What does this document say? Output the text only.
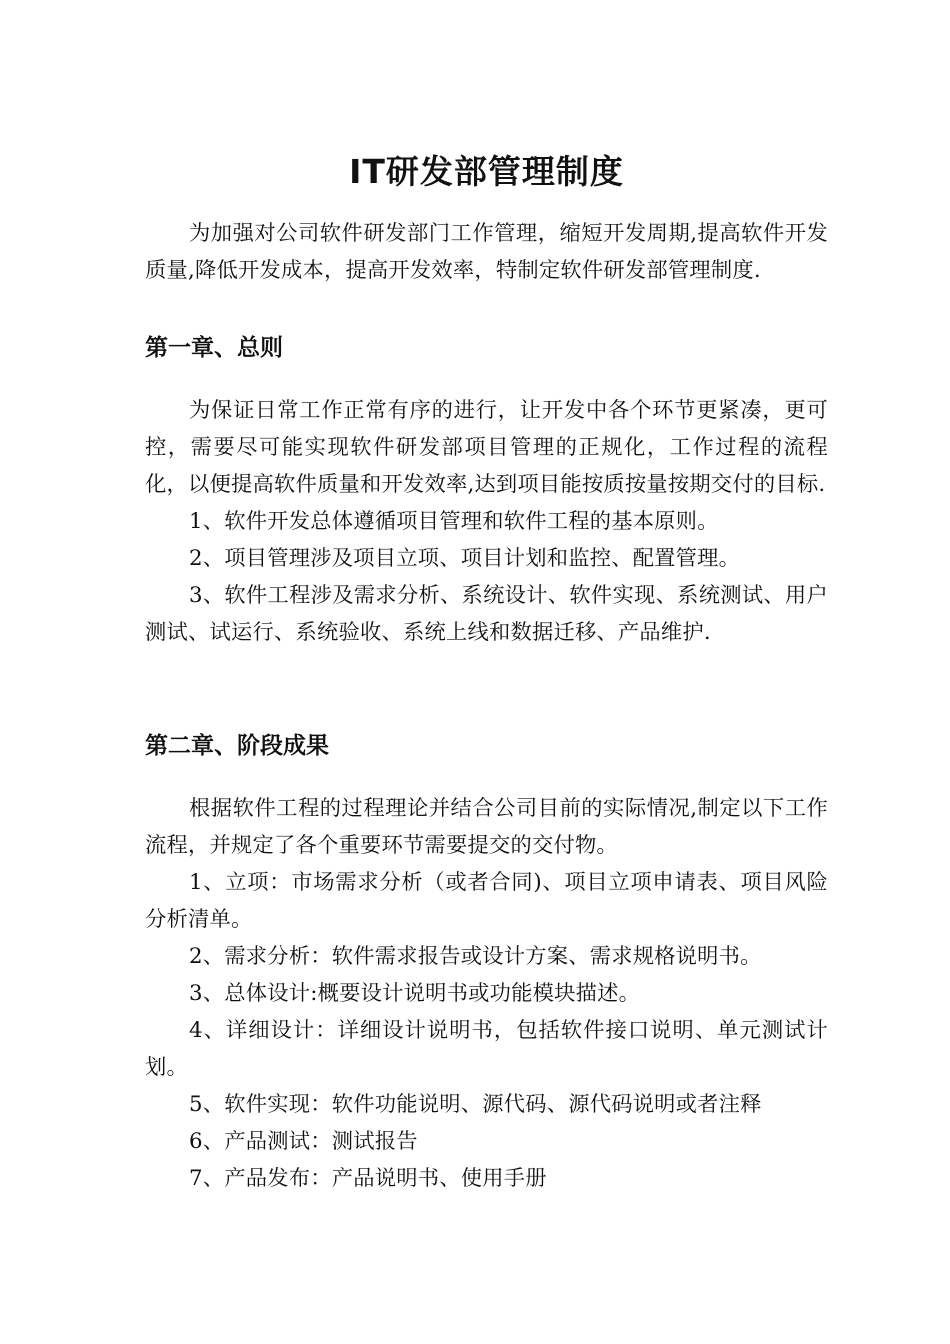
IT研发部管理制度

为加强对公司软件研发部门工作管理，缩短开发周期,提高软件开发质量,降低开发成本，提高开发效率，特制定软件研发部管理制度.

第一章、总则

为保证日常工作正常有序的进行，让开发中各个环节更紧凑，更可控，需要尽可能实现软件研发部项目管理的正规化，工作过程的流程化，以便提高软件质量和开发效率,达到项目能按质按量按期交付的目标.

1、软件开发总体遵循项目管理和软件工程的基本原则。

2、项目管理涉及项目立项、项目计划和监控、配置管理。

3、软件工程涉及需求分析、系统设计、软件实现、系统测试、用户测试、试运行、系统验收、系统上线和数据迁移、产品维护.

第二章、阶段成果

根据软件工程的过程理论并结合公司目前的实际情况,制定以下工作流程，并规定了各个重要环节需要提交的交付物。

1、立项：市场需求分析（或者合同)、项目立项申请表、项目风险分析清单。

2、需求分析：软件需求报告或设计方案、需求规格说明书。

3、总体设计:概要设计说明书或功能模块描述。

4、详细设计：详细设计说明书，包括软件接口说明、单元测试计划。

5、软件实现：软件功能说明、源代码、源代码说明或者注释

6、产品测试：测试报告

7、产品发布：产品说明书、使用手册
